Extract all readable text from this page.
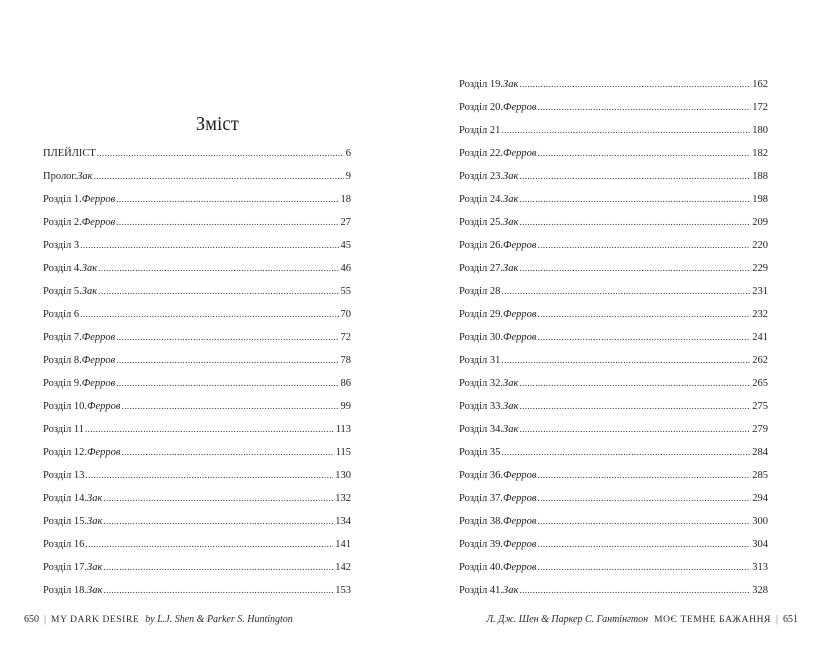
Зміст
ПЛЕЙЛІСТ .....	6
Пролог. Зак .....	9
Розділ 1. Ферров .....	18
Розділ 2. Ферров .....	27
Розділ 3 .....	45
Розділ 4. Зак .....	46
Розділ 5. Зак .....	55
Розділ 6 .....	70
Розділ 7. Ферров .....	72
Розділ 8. Ферров .....	78
Розділ 9. Ферров .....	86
Розділ 10. Ферров .....	99
Розділ 11 .....	113
Розділ 12. Ферров .....	115
Розділ 13 .....	130
Розділ 14. Зак .....	132
Розділ 15. Зак .....	134
Розділ 16 .....	141
Розділ 17. Зак .....	142
Розділ 18. Зак .....	153
Розділ 19. Зак .....	162
Розділ 20. Ферров .....	172
Розділ 21 .....	180
Розділ 22. Ферров .....	182
Розділ 23. Зак .....	188
Розділ 24. Зак .....	198
Розділ 25. Зак .....	209
Розділ 26. Ферров .....	220
Розділ 27. Зак .....	229
Розділ 28 .....	231
Розділ 29. Ферров .....	232
Розділ 30. Ферров .....	241
Розділ 31 .....	262
Розділ 32. Зак .....	265
Розділ 33. Зак .....	275
Розділ 34. Зак .....	279
Розділ 35 .....	284
Розділ 36. Ферров .....	285
Розділ 37. Ферров .....	294
Розділ 38. Ферров .....	300
Розділ 39. Ферров .....	304
Розділ 40. Ферров .....	313
Розділ 41. Зак .....	328
650 | MY DARK DESIRE by L.J. Shen & Parker S. Huntington	Л. Дж. Шен & Паркер С. Гантінгтон МОЄ ТЕМНЕ БАЖАННЯ | 651
